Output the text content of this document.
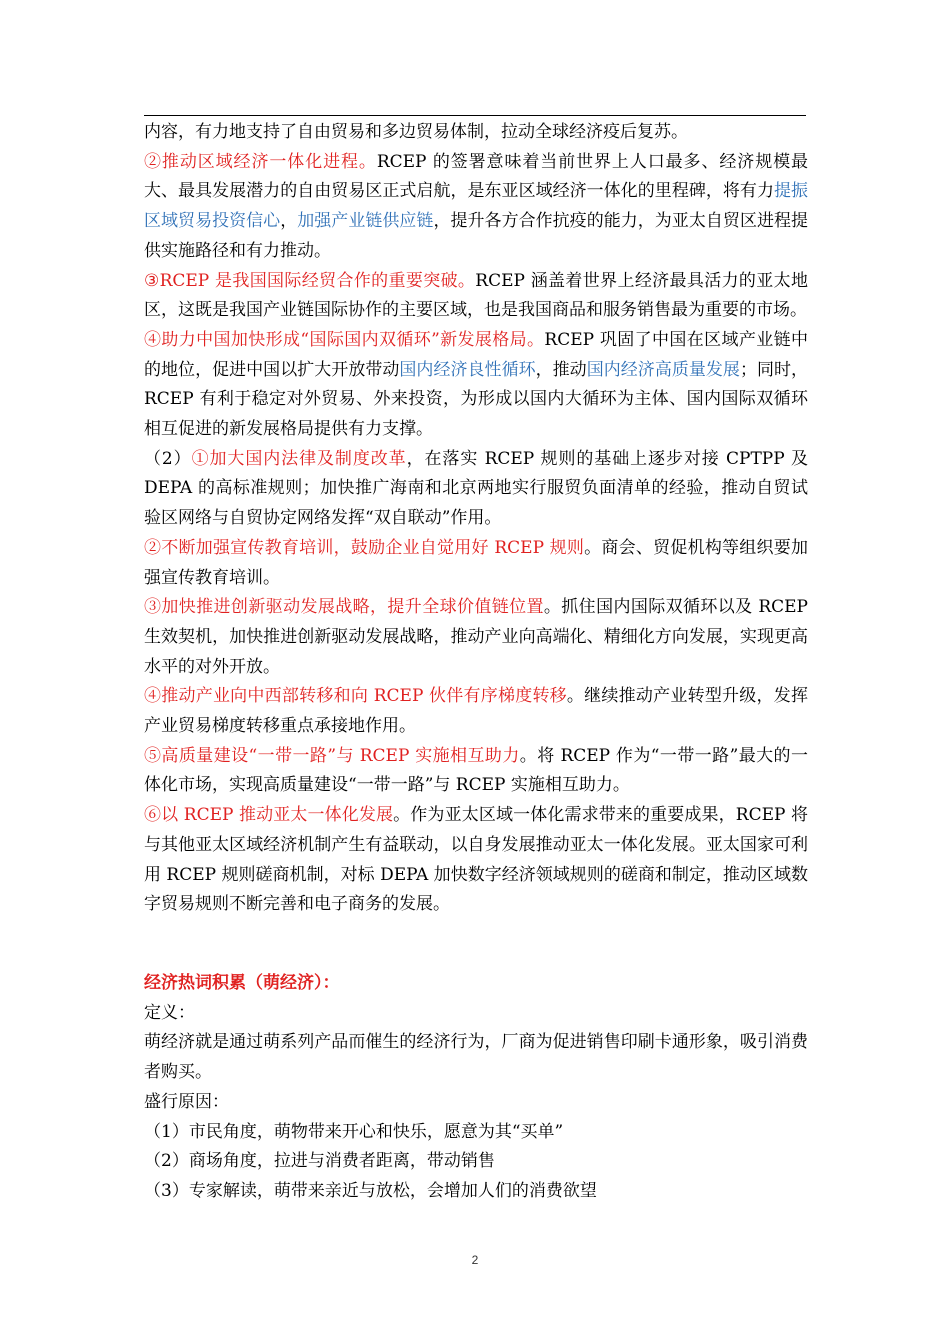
内容，有力地支持了自由贸易和多边贸易体制，拉动全球经济疫后复苏。

②推动区域经济一体化进程。RCEP 的签署意味着当前世界上人口最多、经济规模最大、最具发展潜力的自由贸易区正式启航，是东亚区域经济一体化的里程碑，将有力提振区域贸易投资信心，加强产业链供应链，提升各方合作抗疫的能力，为亚太自贸区进程提供实施路径和有力推动。

③RCEP 是我国国际经贸合作的重要突破。RCEP 涵盖着世界上经济最具活力的亚太地区，这既是我国产业链国际协作的主要区域，也是我国商品和服务销售最为重要的市场。

④助力中国加快形成“国际国内双循环”新发展格局。RCEP 巩固了中国在区域产业链中的地位，促进中国以扩大开放带动国内经济良性循环，推动国内经济高质量发展；同时，RCEP 有利于稳定对外贸易、外来投资，为形成以国内大循环为主体、国内国际双循环相互促进的新发展格局提供有力支撑。

（2）①加大国内法律及制度改革，在落实 RCEP 规则的基础上逐步对接 CPTPP 及 DEPA 的高标准规则；加快推广海南和北京两地实行服贸负面清单的经验，推动自贸试验区网络与自贸协定网络发挥“双自联动”作用。

②不断加强宣传教育培训，鼓励企业自觉用好 RCEP 规则。商会、贸促机构等组织要加强宣传教育培训。

③加快推进创新驱动发展战略，提升全球价值链位置。抓住国内国际双循环以及 RCEP 生效契机，加快推进创新驱动发展战略，推动产业向高端化、精细化方向发展，实现更高水平的对外开放。

④推动产业向中西部转移和向 RCEP 伙伴有序梯度转移。继续推动产业转型升级，发挥产业贸易梯度转移重点承接地作用。

⑤高质量建设“一带一路”与 RCEP 实施相互助力。将 RCEP 作为“一带一路”最大的一体化市场，实现高质量建设“一带一路”与 RCEP 实施相互助力。

⑥以 RCEP 推动亚太一体化发展。作为亚太区域一体化需求带来的重要成果，RCEP 将与其他亚太区域经济机制产生有益联动，以自身发展推动亚太一体化发展。亚太国家可利用 RCEP 规则磋商机制，对标 DEPA 加快数字经济领域规则的磋商和制定，推动区域数字贸易规则不断完善和电子商务的发展。

经济热词积累（萌经济）：

定义：

萌经济就是通过萌系列产品而催生的经济行为，厂商为促进销售印刷卡通形象，吸引消费者购买。

盛行原因：

（1）市民角度，萌物带来开心和快乐，愿意为其“买单”

（2）商场角度，拉进与消费者距离，带动销售

（3）专家解读，萌带来亲近与放松，会增加人们的消费欲望

2
